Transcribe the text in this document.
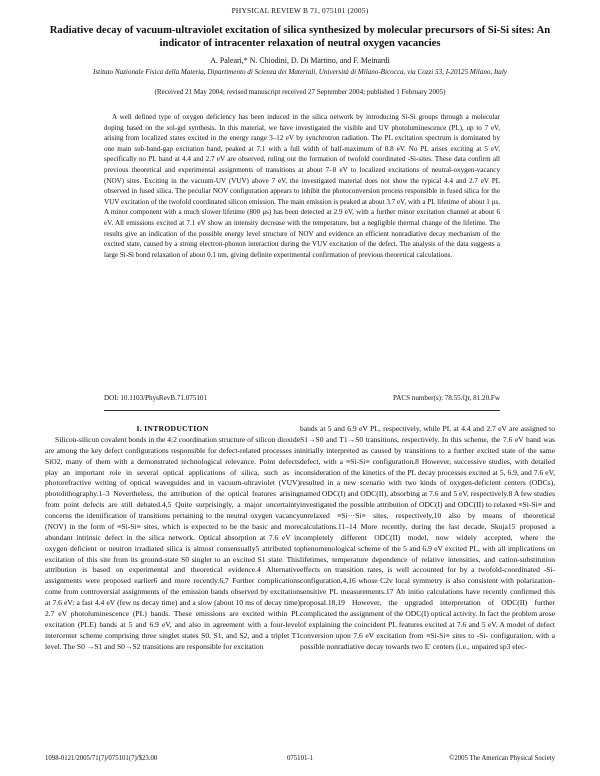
PHYSICAL REVIEW B 71, 075101 (2005)
Radiative decay of vacuum-ultraviolet excitation of silica synthesized by molecular precursors of Si-Si sites: An indicator of intracenter relaxation of neutral oxygen vacancies
A. Paleari,* N. Chiodini, D. Di Martino, and F. Meinardi
Istituto Nazionale Fisica della Materia, Dipartimento di Scienza dei Materiali, Università di Milano-Bicocca, via Cozzi 53, I-20125 Milano, Italy
(Received 21 May 2004; revised manuscript received 27 September 2004; published 1 February 2005)

A well defined type of oxygen deficiency has been induced in the silica network by introducing Si-Si groups through a molecular doping based on the sol-gel synthesis. In this material, we have investigated the visible and UV photoluminescence (PL), up to 7 eV, arising from localized states excited in the energy range 3–12 eV by synchrotron radiation. The PL excitation spectrum is dominated by one main sub-band-gap excitation band, peaked at 7.1 with a full width of half-maximum of 0.8 eV. No PL arises exciting at 5 eV, specifically no PL band at 4.4 and 2.7 eV are observed, ruling out the formation of twofold coordinated -Si-sites. These data confirm all previous theoretical and experimental assignments of transitions at about 7–8 eV to localized excitations of neutral-oxygen-vacancy (NOV) sites. Exciting in the vacuum-UV (VUV) above 7 eV, the investigated material does not show the typical 4.4 and 2.7 eV PL observed in fused silica. The peculiar NOV configuration appears to inhibit the photoconversion process responsible in fused silica for the VUV excitation of the twofold coordinated silicon emission. The main emission is peaked at about 3.7 eV, with a PL lifetime of about 1 μs. A minor component with a much slower lifetime (800 μs) has been detected at 2.9 eV, with a further minor excitation channel at about 6 eV. All emissions excited at 7.1 eV show an intensity decrease with the temperature, but a negligible thermal change of the lifetime. The results give an indication of the possible energy level structure of NOV and evidence an efficient nonradiative decay mechanism of the excited state, caused by a strong electron-phonon interaction during the VUV excitation of the defect. The analysis of the data suggests a large Si-Si bond relaxation of about 0.1 nm, giving definite experimental confirmation of previous theoretical calculations.

DOI: 10.1103/PhysRevB.71.075101	PACS number(s): 78.55.Qr, 81.20.Fw

I. INTRODUCTION

Silicon-silicon covalent bonds in the 4:2 coordination structure of silicon dioxide are among the key defect configurations responsible for defect-related processes in SiO2, many of them with a demonstrated technological relevance. Point defects play an important role in several optical applications of silica, such as in photorefractive writing of optical waveguides and in vacuum-ultraviolet (VUV) photolithography.1–3 Nevertheless, the attribution of the optical features arising from point defects are still debated.4,5 Quite surprisingly, a major uncertainty concerns the identification of transitions pertaining to the neutral oxygen vacancy (NOV) in the form of ≡Si-Si≡ sites, which is expected to be the basic and more abundant intrinsic defect in the silica network. Optical absorption at 7.6 eV in oxygen deficient or neutron irradiated silica is almost consensually5 attributed to excitation of this site from its ground-state S0 singlet to an excited S1 state. This attribution is based on experimental and theoretical evidence.4 Alternative assignments were proposed earlier6 and more recently.6,7 Further complications come from controversial assignments of the emission bands observed by excitation at 7.6 eV: a fast 4.4 eV (few ns decay time) and a slow (about 10 ms of decay time) 2.7 eV photoluminescence (PL) bands. These emissions are excited within PL excitation (PLE) bands at 5 and 6.9 eV, and also in agreement with a four-level intercenter scheme comprising three singlet states S0, S1, and S2, and a triplet T1 level. The S0 →S1 and S0→S2 transitions are responsible for excitation

bands at 5 and 6.9 eV PL, respectively, while PL at 4.4 and 2.7 eV are assigned to S1→S0 and T1→S0 transitions, respectively. In this scheme, the 7.6 eV band was initially interpreted as caused by transitions to a further excited state of the same defect, with a ≡Si-Si≡ configuration.8 However, successive studies, with detailed consideration of the kinetics of the PL decay processes excited at 5, 6.9, and 7.6 eV, resulted in a new scenario with two kinds of oxygen-deficient centers (ODCs), named ODC(I) and ODC(II), absorbing at 7.6 and 5 eV, respectively.8 A few studies investigated the possible attribution of ODC(I) and ODC(II) to relaxed ≡Si-Si≡ and unrelaxed ≡Si···Si≡ sites, respectively,10 also by means of theoretical calculations.11–14 More recently, during the last decade, Skuja15 proposed a completely different ODC(II) model, now widely accepted, where the phenomenological scheme of the 5 and 6.9 eV excited PL, with all implications on lifetimes, temperature dependence of relative intensities, and cation-substitution effects on transition rates, is well accounted for by a twofold-coordinated -Si- configuration,4,16 whose C2v local symmetry is also consistent with polarization-sensitive PL measurements.17 Ab initio calculations have recently confirmed this proposal.18,19 However, the upgraded interpretation of ODC(II) further complicated the assignment of the ODC(I) optical activity. In fact the problem arose of explaining the coincident PL features excited at 7.6 and 5 eV. A model of defect conversion upon 7.6 eV excitation from ≡Si-Si≡ sites to -Si- configuration, with a possible nonradiative decay towards two E′ centers (i.e., unpaired sp3 elec-

1098-0121/2005/71(7)/075101(7)/$23.00	075101-1	©2005 The American Physical Society
